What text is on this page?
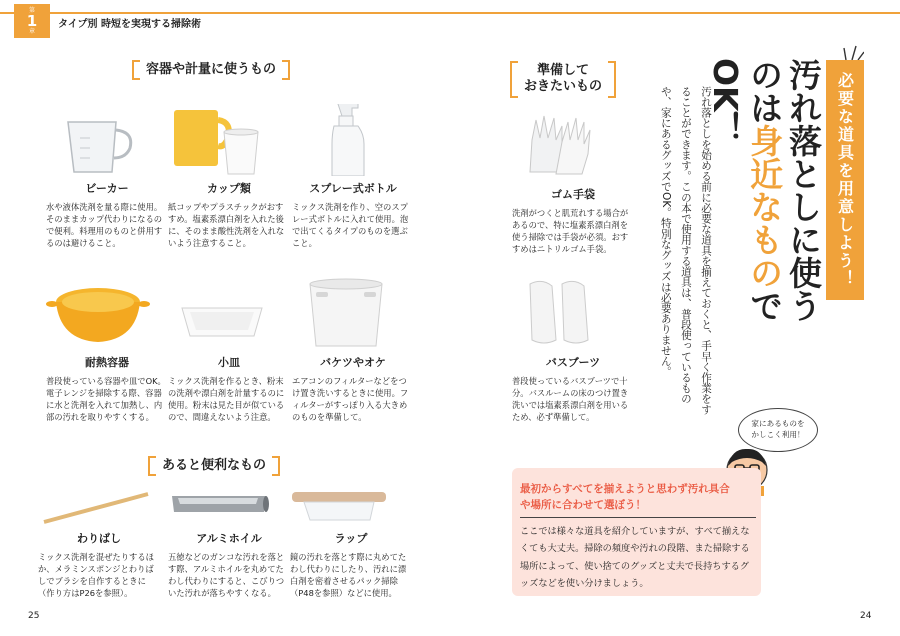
第
1
章
タイプ別 時短を実現する掃除術
容器や計量に使うもの	準備して
おきたいもの
あると便利なもの
ビーカー
水や液体洗剤を量る際に使用。そのままカップ代わりになるので便利。料理用のものと併用するのは避けること。
カップ類
紙コップやプラスチックがおすすめ。塩素系漂白剤を入れた後に、そのまま酸性洗剤を入れないよう注意すること。
スプレー式ボトル
ミックス洗剤を作り、空のスプレー式ボトルに入れて使用。泡で出てくるタイプのものを選ぶこと。
ゴム手袋
洗剤がつくと肌荒れする場合があるので、特に塩素系漂白剤を使う掃除では手袋が必須。おすすめはニトリルゴム手袋。
耐熱容器
普段使っている容器や皿でOK。電子レンジを掃除する際、容器に水と洗剤を入れて加熱し、内部の汚れを取りやすくする。
小皿
ミックス洗剤を作るとき、粉末の洗剤や漂白剤を計量するのに使用。粉末は見た目が似ているので、間違えないよう注意。
バケツやオケ
エアコンのフィルターなどをつけ置き洗いするときに使用。フィルターがすっぽり入る大きめのものを準備して。
バスブーツ
普段使っているバスブーツで十分。バスルームの床のつけ置き洗いでは塩素系漂白剤を用いるため、必ず準備して。
わりばし
ミックス洗剤を混ぜたりするほか、メラミンスポンジとわりばしでブラシを自作するときに（作り方はP26を参照）。
アルミホイル
五徳などのガンコな汚れを落とす際、アルミホイルを丸めてたわし代わりにすると、こびりついた汚れが落ちやすくなる。
ラップ
鏡の汚れを落とす際に丸めてたわし代わりにしたり、汚れに漂白剤を密着させるパック掃除（P48を参照）などに使用。
必要な道具を用意しよう！
汚れ落としに使うのは身近なものでOK！
汚れ落としを始める前に必要な道具を揃えておくと、手早く作業をすることができます。この本で使用する道具は、普段使っているものや、家にあるグッズでOK。特別なグッズは必要ありません。
家にあるものを
かしこく利用！
最初からすべてを揃えようと思わず汚れ具合や場所に合わせて選ぼう！
ここでは様々な道具を紹介していますが、すべて揃えなくても大丈夫。掃除の頻度や汚れの段階、また掃除する場所によって、使い捨てのグッズと丈夫で長持ちするグッズなどを使い分けましょう。
25	24
